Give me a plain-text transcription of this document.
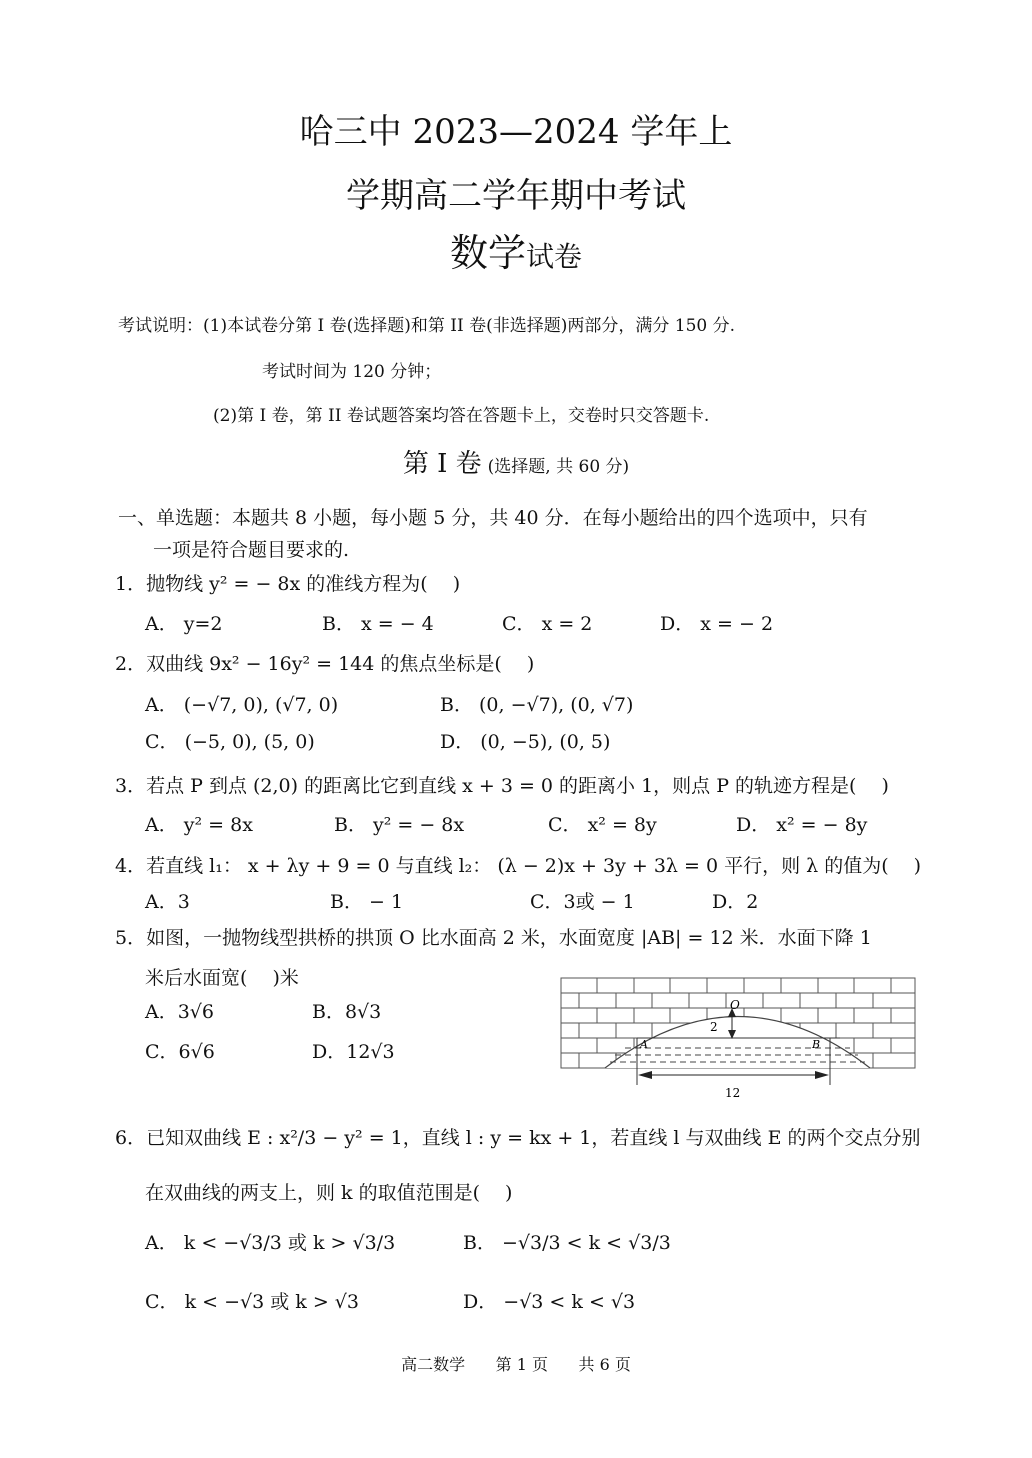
哈三中 2023—2024 学年上
学期高二学年期中考试
数学试卷
考试说明：(1)本试卷分第 I 卷(选择题)和第 II 卷(非选择题)两部分，满分 150 分.
考试时间为 120 分钟；
(2)第 I 卷，第 II 卷试题答案均答在答题卡上，交卷时只交答题卡.
第 I 卷 (选择题, 共 60 分)
一、单选题：本题共 8 小题，每小题 5 分，共 40 分．在每小题给出的四个选项中，只有
一项是符合题目要求的.
1．抛物线 y² = − 8x 的准线方程为(　 )
A． y=2	B． x = − 4	C． x = 2	D． x = − 2
2．双曲线 9x² − 16y² = 144 的焦点坐标是(　 )
A． (−√7, 0), (√7, 0)	B． (0, −√7), (0, √7)
C． (−5, 0), (5, 0)	D． (0, −5), (0, 5)
3．若点 P 到点 (2,0) 的距离比它到直线 x + 3 = 0 的距离小 1，则点 P 的轨迹方程是(　 )
A． y² = 8x	B． y² = − 8x	C． x² = 8y	D． x² = − 8y
4．若直线 l₁： x + λy + 9 = 0 与直线 l₂： (λ − 2)x + 3y + 3λ = 0 平行，则 λ 的值为(　 )
A．3	B． − 1	C．3或 − 1	D．2
5．如图，一抛物线型拱桥的拱顶 O 比水面高 2 米，水面宽度 |AB| = 12 米．水面下降 1
米后水面宽(　 )米
A．3√6	B．8√3
C．6√6	D．12√3
O
2
A	B
12
6．已知双曲线 E : x²/3 − y² = 1，直线 l : y = kx + 1，若直线 l 与双曲线 E 的两个交点分别
在双曲线的两支上，则 k 的取值范围是(　 )
A． k < −√3/3 或 k > √3/3	B． −√3/3 < k < √3/3
C． k < −√3 或 k > √3	D． −√3 < k < √3
高二数学 第 1 页 共 6 页
